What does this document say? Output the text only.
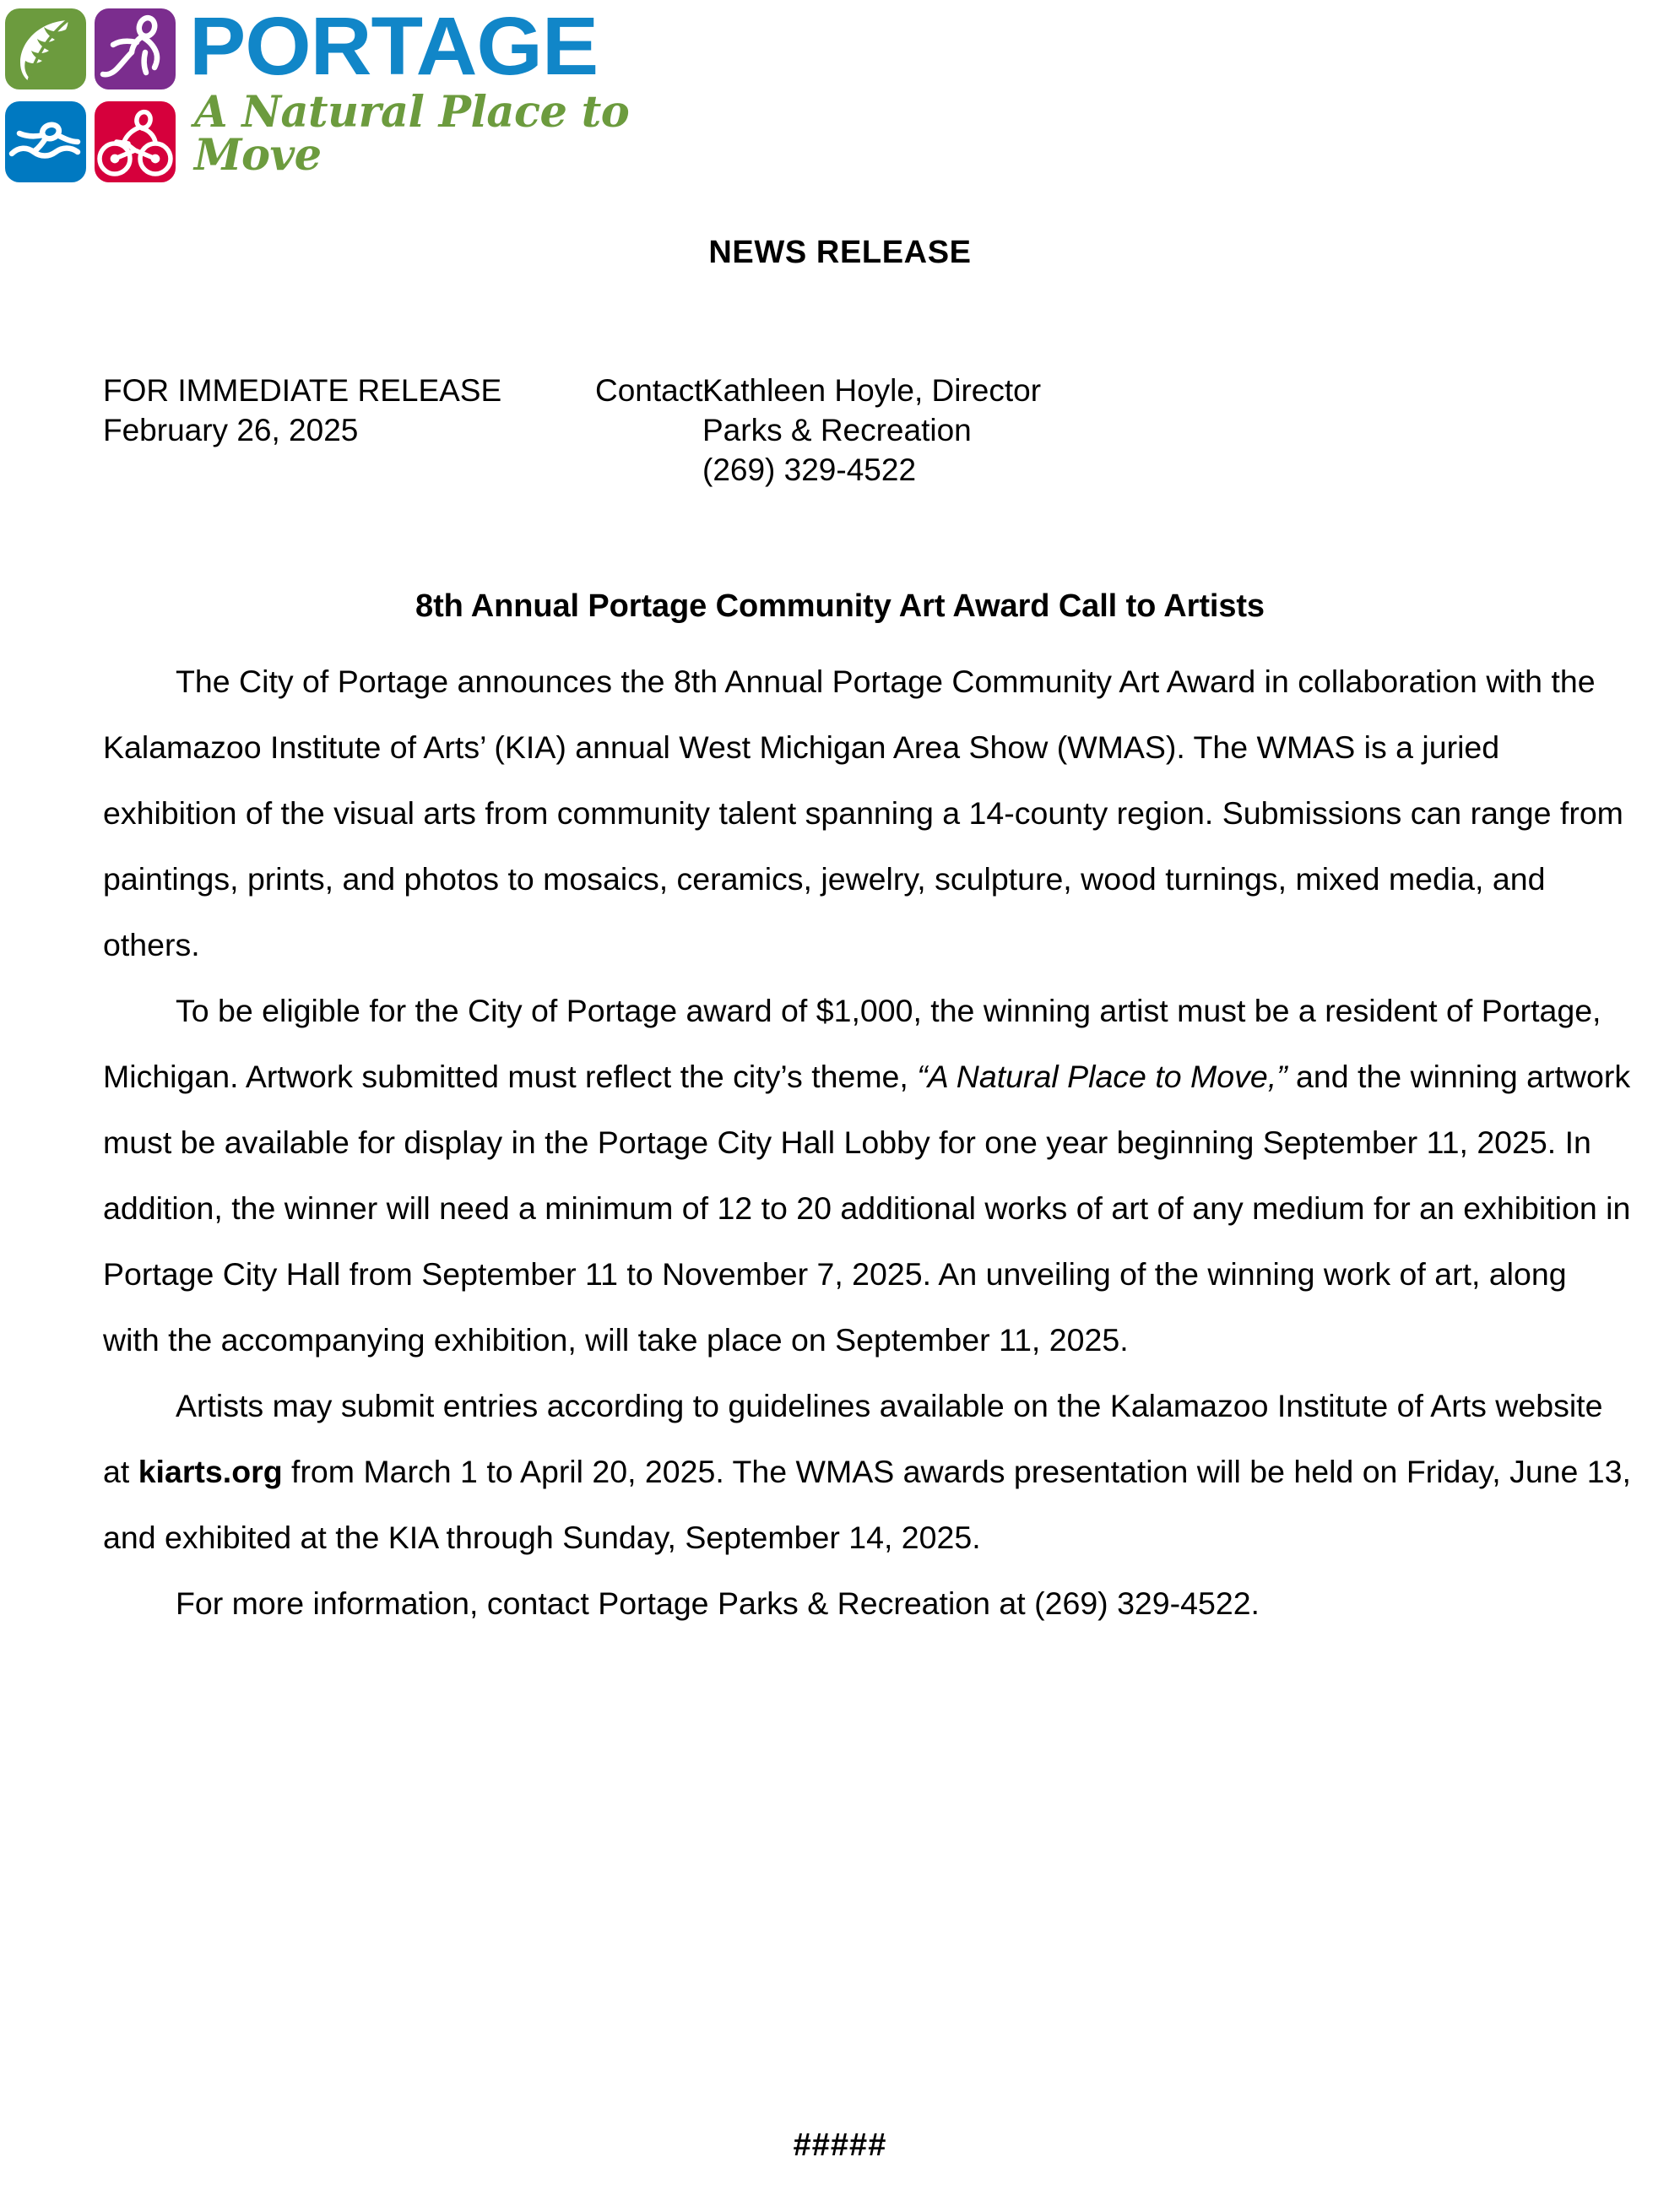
PORTAGE
A Natural Place to Move
NEWS RELEASE
FOR IMMEDIATE RELEASE
February 26, 2025
Contact:
Kathleen Hoyle, Director
Parks & Recreation
(269) 329-4522
8th Annual Portage Community Art Award Call to Artists

The City of Portage announces the 8th Annual Portage Community Art Award in collaboration with the Kalamazoo Institute of Arts’ (KIA) annual West Michigan Area Show (WMAS). The WMAS is a juried exhibition of the visual arts from community talent spanning a 14-county region. Submissions can range from paintings, prints, and photos to mosaics, ceramics, jewelry, sculpture, wood turnings, mixed media, and others.

To be eligible for the City of Portage award of $1,000, the winning artist must be a resident of Portage, Michigan. Artwork submitted must reflect the city’s theme, “A Natural Place to Move,” and the winning artwork must be available for display in the Portage City Hall Lobby for one year beginning September 11, 2025. In addition, the winner will need a minimum of 12 to 20 additional works of art of any medium for an exhibition in Portage City Hall from September 11 to November 7, 2025. An unveiling of the winning work of art, along with the accompanying exhibition, will take place on September 11, 2025.

Artists may submit entries according to guidelines available on the Kalamazoo Institute of Arts website at kiarts.org from March 1 to April 20, 2025. The WMAS awards presentation will be held on Friday, June 13, and exhibited at the KIA through Sunday, September 14, 2025.

For more information, contact Portage Parks & Recreation at (269) 329-4522.

#####
